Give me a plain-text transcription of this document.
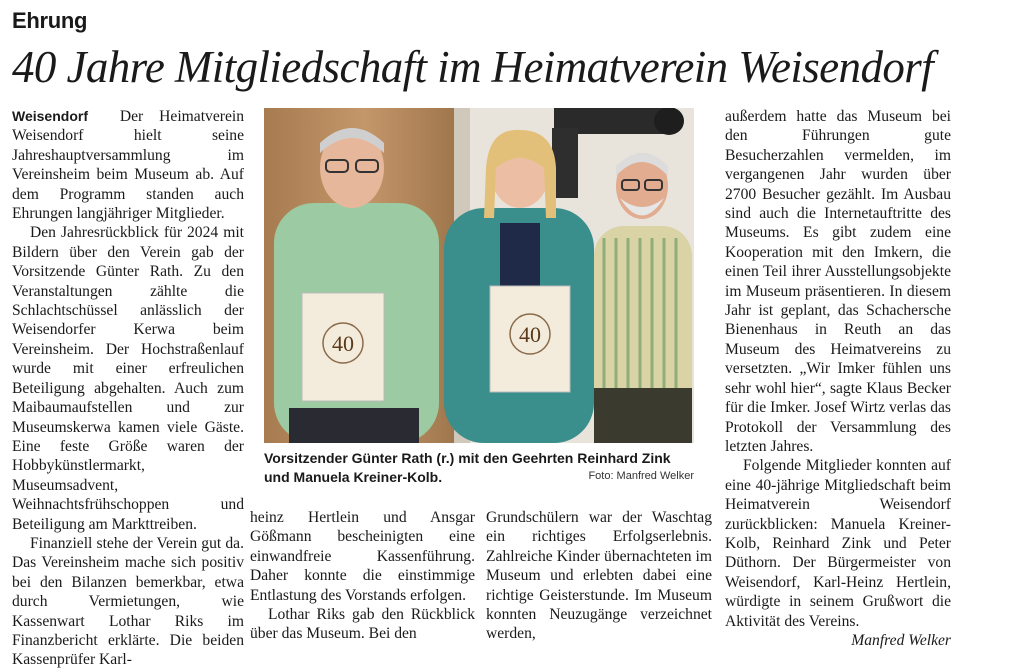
Ehrung
40 Jahre Mitgliedschaft im Heimatverein Weisendorf

Weisendorf Der Heimatverein Weisendorf hielt seine Jahreshauptversammlung im Vereinsheim beim Museum ab. Auf dem Programm standen auch Ehrungen langjähriger Mitglieder.

Den Jahresrückblick für 2024 mit Bildern über den Verein gab der Vorsitzende Günter Rath. Zu den Veranstaltungen zählte die Schlachtschüssel anlässlich der Weisendorfer Kerwa beim Vereinsheim. Der Hochstraßenlauf wurde mit einer erfreulichen Beteiligung abgehalten. Auch zum Maibaumaufstellen und zur Museumskerwa kamen viele Gäste. Eine feste Größe waren der Hobbykünstlermarkt, Museumsadvent, Weihnachtsfrühschoppen und Beteiligung am Markttreiben.

Finanziell stehe der Verein gut da. Das Vereinsheim mache sich positiv bei den Bilanzen bemerkbar, etwa durch Vermietungen, wie Kassenwart Lothar Riks im Finanzbericht erklärte. Die beiden Kassenprüfer Karl-

40	40
Vorsitzender Günter Rath (r.) mit den Geehrten Reinhard Zink und Manuela Kreiner-Kolb.	Foto: Manfred Welker

heinz Hertlein und Ansgar Gößmann bescheinigten eine einwandfreie Kassenführung. Daher konnte die einstimmige Entlastung des Vorstands erfolgen.

Lothar Riks gab den Rückblick über das Museum. Bei den

Grundschülern war der Waschtag ein richtiges Erfolgserlebnis. Zahlreiche Kinder übernachteten im Museum und erlebten dabei eine richtige Geisterstunde. Im Museum konnten Neuzugänge verzeichnet werden,

außerdem hatte das Museum bei den Führungen gute Besucherzahlen vermelden, im vergangenen Jahr wurden über 2700 Besucher gezählt. Im Ausbau sind auch die Internetauftritte des Museums. Es gibt zudem eine Kooperation mit den Imkern, die einen Teil ihrer Ausstellungsobjekte im Museum präsentieren. In diesem Jahr ist geplant, das Schachersche Bienenhaus in Reuth an das Museum des Heimatvereins zu versetzten. „Wir Imker fühlen uns sehr wohl hier“, sagte Klaus Becker für die Imker. Josef Wirtz verlas das Protokoll der Versammlung des letzten Jahres.

Folgende Mitglieder konnten auf eine 40-jährige Mitgliedschaft beim Heimatverein Weisendorf zurückblicken: Manuela Kreiner-Kolb, Reinhard Zink und Peter Düthorn. Der Bürgermeister von Weisendorf, Karl-Heinz Hertlein, würdigte in seinem Grußwort die Aktivität des Vereins.
Manfred Welker
